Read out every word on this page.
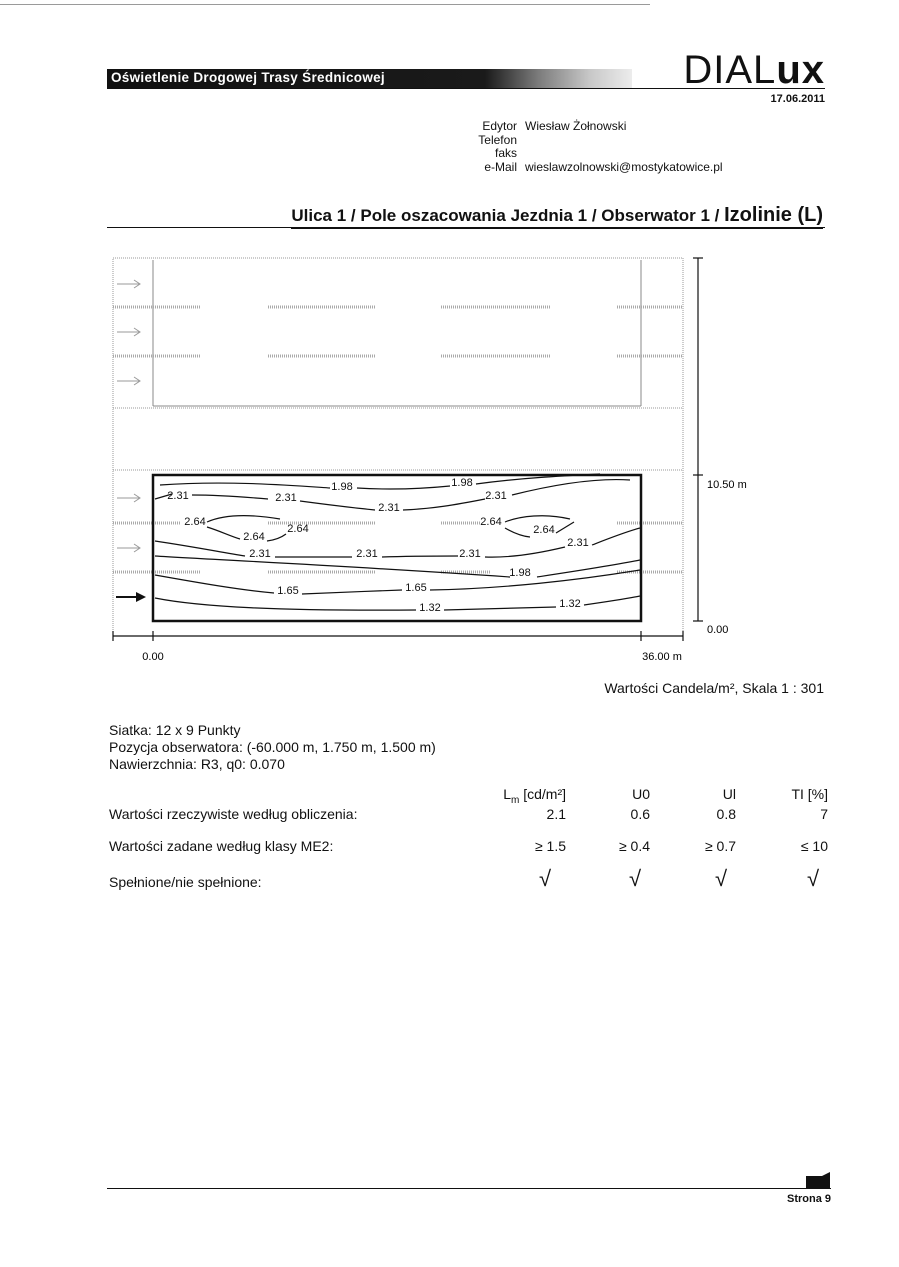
Oświetlenie Drogowej Trasy Średnicowej	DIALux
17.06.2011
Edytor Wiesław Żołnowski
Telefon
faks
e-Mail wieslawzolnowski@mostykatowice.pl
Ulica 1 / Pole oszacowania Jezdnia 1 / Obserwator 1 / Izolinie (L)
1.98	1.98
2.31	2.31
2.31
2.31
2.64
2.64
2.64
2.64
2.64
2.31
2.31	2.31	2.31
1.98
1.65	1.65
1.32	1.32
0.00	36.00 m
10.50 m
0.00
Wartości Candela/m², Skala 1 : 301
Siatka: 12 x 9 Punkty
Pozycja obserwatora: (-60.000 m, 1.750 m, 1.500 m)
Nawierzchnia: R3, q0: 0.070
$L_m$ [cd/m²]	U0	Ul	TI [%]
Wartości rzeczywiste według obliczenia:	2.1	0.6	0.8	7
Wartości zadane według klasy ME2:	≥ 1.5	≥ 0.4	≥ 0.7	≤ 10
Spełnione/nie spełnione:	√	√	√	√
Strona 9
